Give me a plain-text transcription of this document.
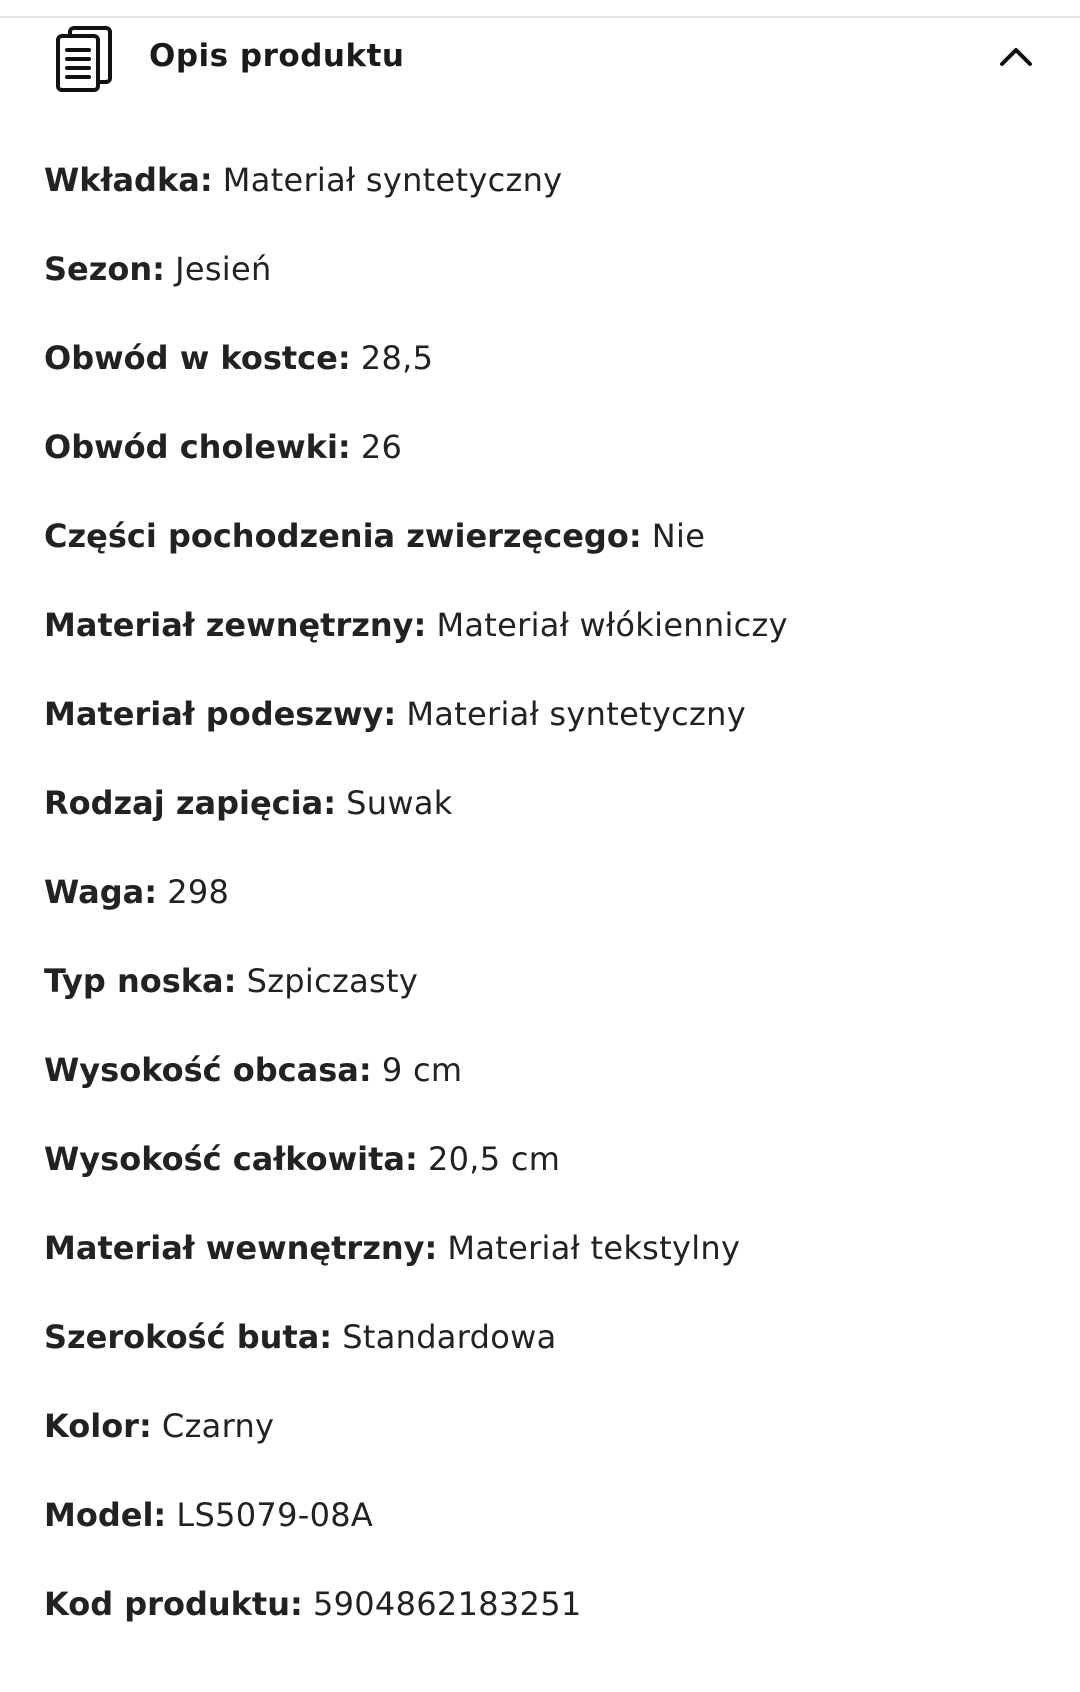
Opis produktu
Wkładka: Materiał syntetyczny
Sezon: Jesień
Obwód w kostce: 28,5
Obwód cholewki: 26
Części pochodzenia zwierzęcego: Nie
Materiał zewnętrzny: Materiał włókienniczy
Materiał podeszwy: Materiał syntetyczny
Rodzaj zapięcia: Suwak
Waga: 298
Typ noska: Szpiczasty
Wysokość obcasa: 9 cm
Wysokość całkowita: 20,5 cm
Materiał wewnętrzny: Materiał tekstylny
Szerokość buta: Standardowa
Kolor: Czarny
Model: LS5079-08A
Kod produktu: 5904862183251
